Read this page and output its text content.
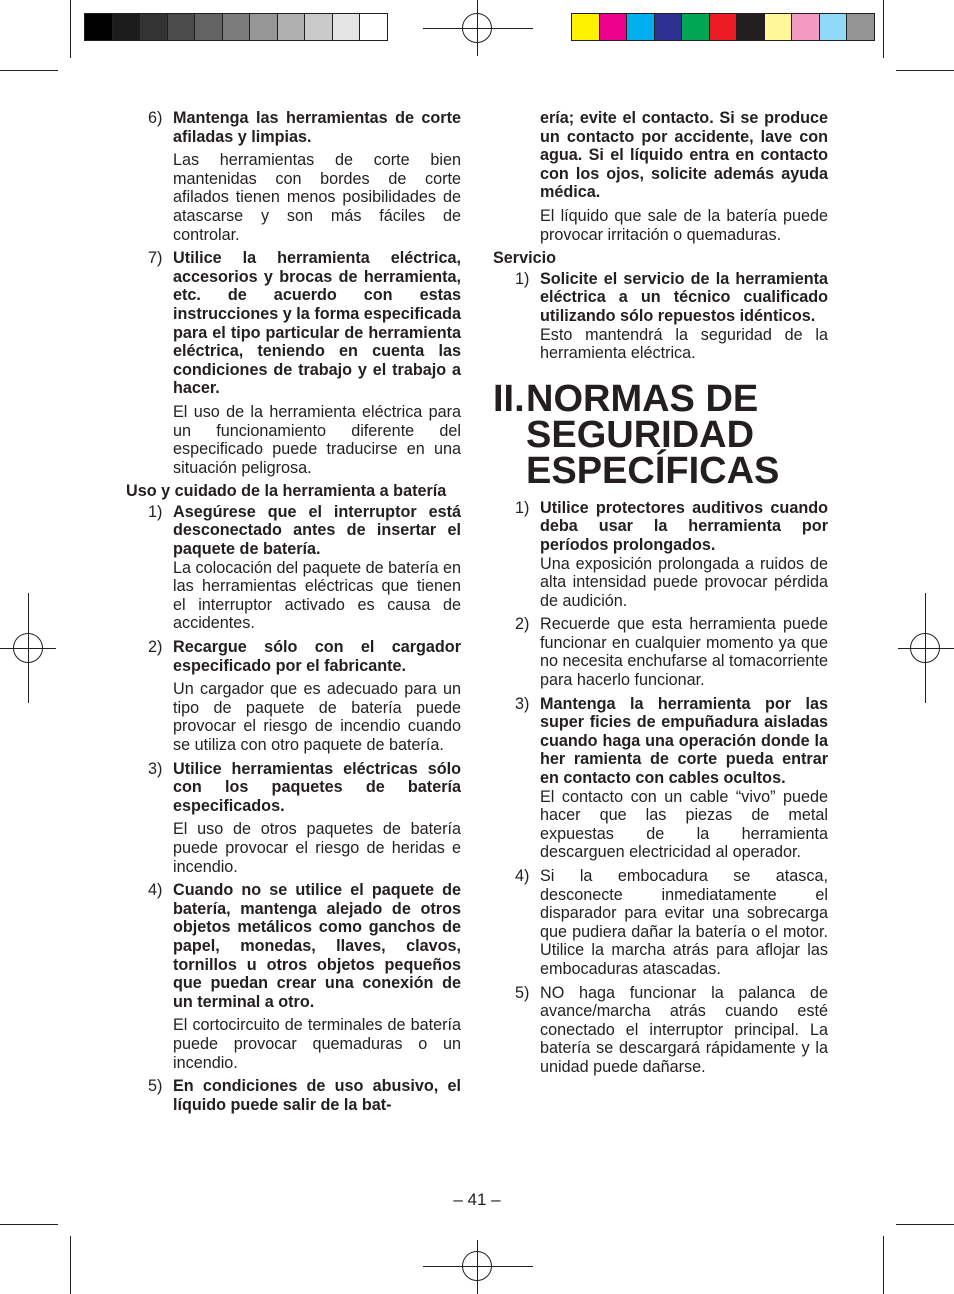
6) Mantenga las herramientas de corte afiladas y limpias.
Las herramientas de corte bien mantenidas con bordes de corte afilados tienen menos posibilidades de atascarse y son más fáciles de controlar.
7) Utilice la herramienta eléctrica, accesorios y brocas de herramienta, etc. de acuerdo con estas instrucciones y la forma especificada para el tipo particular de herramienta eléctrica, teniendo en cuenta las condiciones de trabajo y el trabajo a hacer.
El uso de la herramienta eléctrica para un funcionamiento diferente del especificado puede traducirse en una situación peligrosa.
Uso y cuidado de la herramienta a batería
1) Asegúrese que el interruptor está desconectado antes de insertar el paquete de batería.
La colocación del paquete de batería en las herramientas eléctricas que tienen el interruptor activado es causa de accidentes.
2) Recargue sólo con el cargador especificado por el fabricante.
Un cargador que es adecuado para un tipo de paquete de batería puede provocar el riesgo de incendio cuando se utiliza con otro paquete de batería.
3) Utilice herramientas eléctricas sólo con los paquetes de batería especificados.
El uso de otros paquetes de batería puede provocar el riesgo de heridas e incendio.
4) Cuando no se utilice el paquete de batería, mantenga alejado de otros objetos metálicos como ganchos de papel, monedas, llaves, clavos, tornillos u otros objetos pequeños que puedan crear una conexión de un terminal a otro.
El cortocircuito de terminales de batería puede provocar quemaduras o un incendio.
5) En condiciones de uso abusivo, el líquido puede salir de la bat-
ería; evite el contacto. Si se produce un contacto por accidente, lave con agua. Si el líquido entra en contacto con los ojos, solicite además ayuda médica.
El líquido que sale de la batería puede provocar irritación o quemaduras.
Servicio
1) Solicite el servicio de la herramienta eléctrica a un técnico cualificado utilizando sólo repuestos idénticos.
Esto mantendrá la seguridad de la herramienta eléctrica.
II. NORMAS DE
SEGURIDAD
ESPECÍFICAS
1) Utilice protectores auditivos cuando deba usar la herramienta por períodos prolongados.
Una exposición prolongada a ruidos de alta intensidad puede provocar pérdida de audición.
2) Recuerde que esta herramienta puede funcionar en cualquier momento ya que no necesita enchufarse al tomacorriente para hacerlo funcionar.
3) Mantenga la herramienta por las super ficies de empuñadura aisladas cuando haga una operación donde la her ramienta de corte pueda entrar en contacto con cables ocultos.
El contacto con un cable “vivo” puede hacer que las piezas de metal expuestas de la herramienta descarguen electricidad al operador.
4) Si la embocadura se atasca, desconecte inmediatamente el disparador para evitar una sobrecarga que pudiera dañar la batería o el motor. Utilice la marcha atrás para aflojar las embocaduras atascadas.
5) NO haga funcionar la palanca de avance/marcha atrás cuando esté conectado el interruptor principal. La batería se descargará rápidamente y la unidad puede dañarse.
– 41 –
